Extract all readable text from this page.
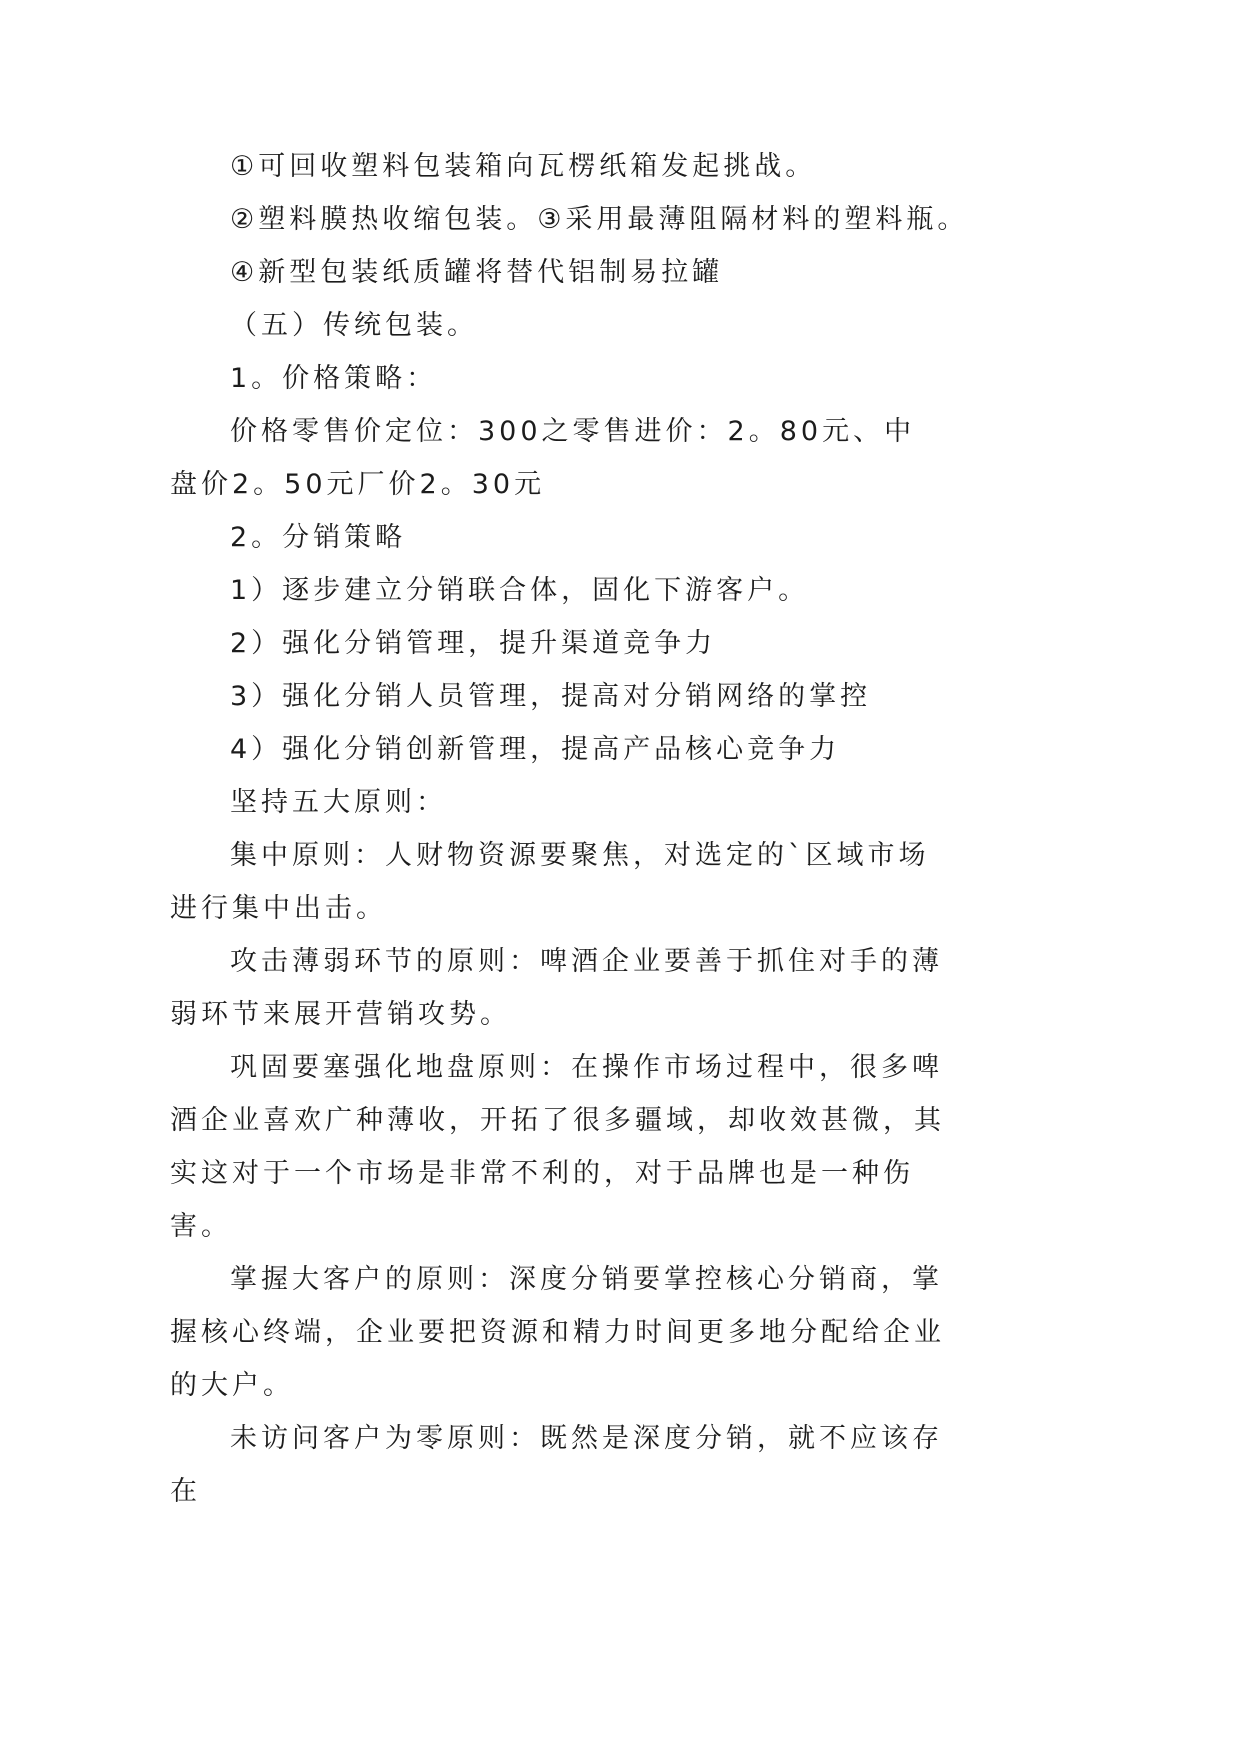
①可回收塑料包装箱向瓦楞纸箱发起挑战。

②塑料膜热收缩包装。③采用最薄阻隔材料的塑料瓶。

④新型包装纸质罐将替代铝制易拉罐

（五）传统包装。

1。价格策略：

价格零售价定位：300之零售进价：2。80元、中盘价2。50元厂价2。30元

2。分销策略

1）逐步建立分销联合体，固化下游客户。

2）强化分销管理，提升渠道竞争力

3）强化分销人员管理，提高对分销网络的掌控

4）强化分销创新管理，提高产品核心竞争力

坚持五大原则：

集中原则：人财物资源要聚焦，对选定的`区域市场进行集中出击。

攻击薄弱环节的原则：啤酒企业要善于抓住对手的薄弱环节来展开营销攻势。

巩固要塞强化地盘原则：在操作市场过程中，很多啤酒企业喜欢广种薄收，开拓了很多疆域，却收效甚微，其实这对于一个市场是非常不利的，对于品牌也是一种伤害。

掌握大客户的原则：深度分销要掌控核心分销商，掌握核心终端，企业要把资源和精力时间更多地分配给企业的大户。

未访问客户为零原则：既然是深度分销，就不应该存在
